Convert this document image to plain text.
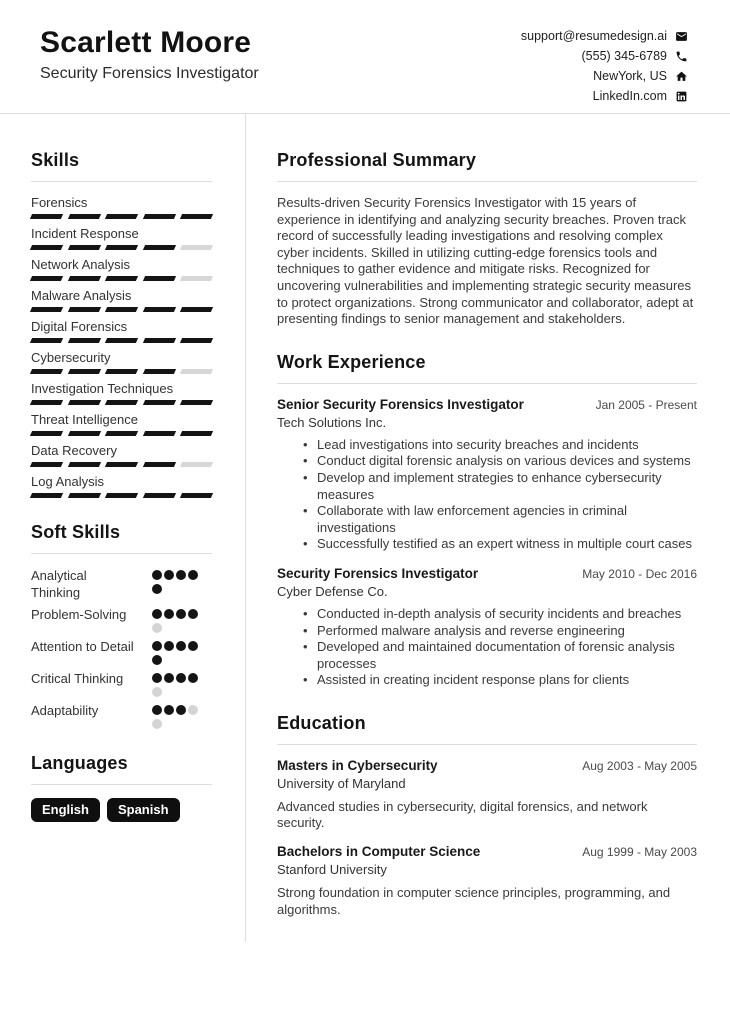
Scarlett Moore
Security Forensics Investigator
support@resumedesign.ai
(555) 345-6789
NewYork, US
LinkedIn.com
Skills
Forensics
Incident Response
Network Analysis
Malware Analysis
Digital Forensics
Cybersecurity
Investigation Techniques
Threat Intelligence
Data Recovery
Log Analysis
Soft Skills
Analytical Thinking
Problem-Solving
Attention to Detail
Critical Thinking
Adaptability
Languages
English	Spanish
Professional Summary

Results-driven Security Forensics Investigator with 15 years of experience in identifying and analyzing security breaches. Proven track record of successfully leading investigations and resolving complex cyber incidents. Skilled in utilizing cutting-edge forensics tools and techniques to gather evidence and mitigate risks. Recognized for uncovering vulnerabilities and implementing strategic security measures to protect organizations. Strong communicator and collaborator, adept at presenting findings to senior management and stakeholders.

Work Experience
Senior Security Forensics Investigator	Jan 2005 - Present
Tech Solutions Inc.
• Lead investigations into security breaches and incidents
• Conduct digital forensic analysis on various devices and systems
• Develop and implement strategies to enhance cybersecurity measures
• Collaborate with law enforcement agencies in criminal investigations
• Successfully testified as an expert witness in multiple court cases
Security Forensics Investigator	May 2010 - Dec 2016
Cyber Defense Co.
• Conducted in-depth analysis of security incidents and breaches
• Performed malware analysis and reverse engineering
• Developed and maintained documentation of forensic analysis processes
• Assisted in creating incident response plans for clients
Education
Masters in Cybersecurity	Aug 2003 - May 2005
University of Maryland
Advanced studies in cybersecurity, digital forensics, and network security.
Bachelors in Computer Science	Aug 1999 - May 2003
Stanford University
Strong foundation in computer science principles, programming, and algorithms.
